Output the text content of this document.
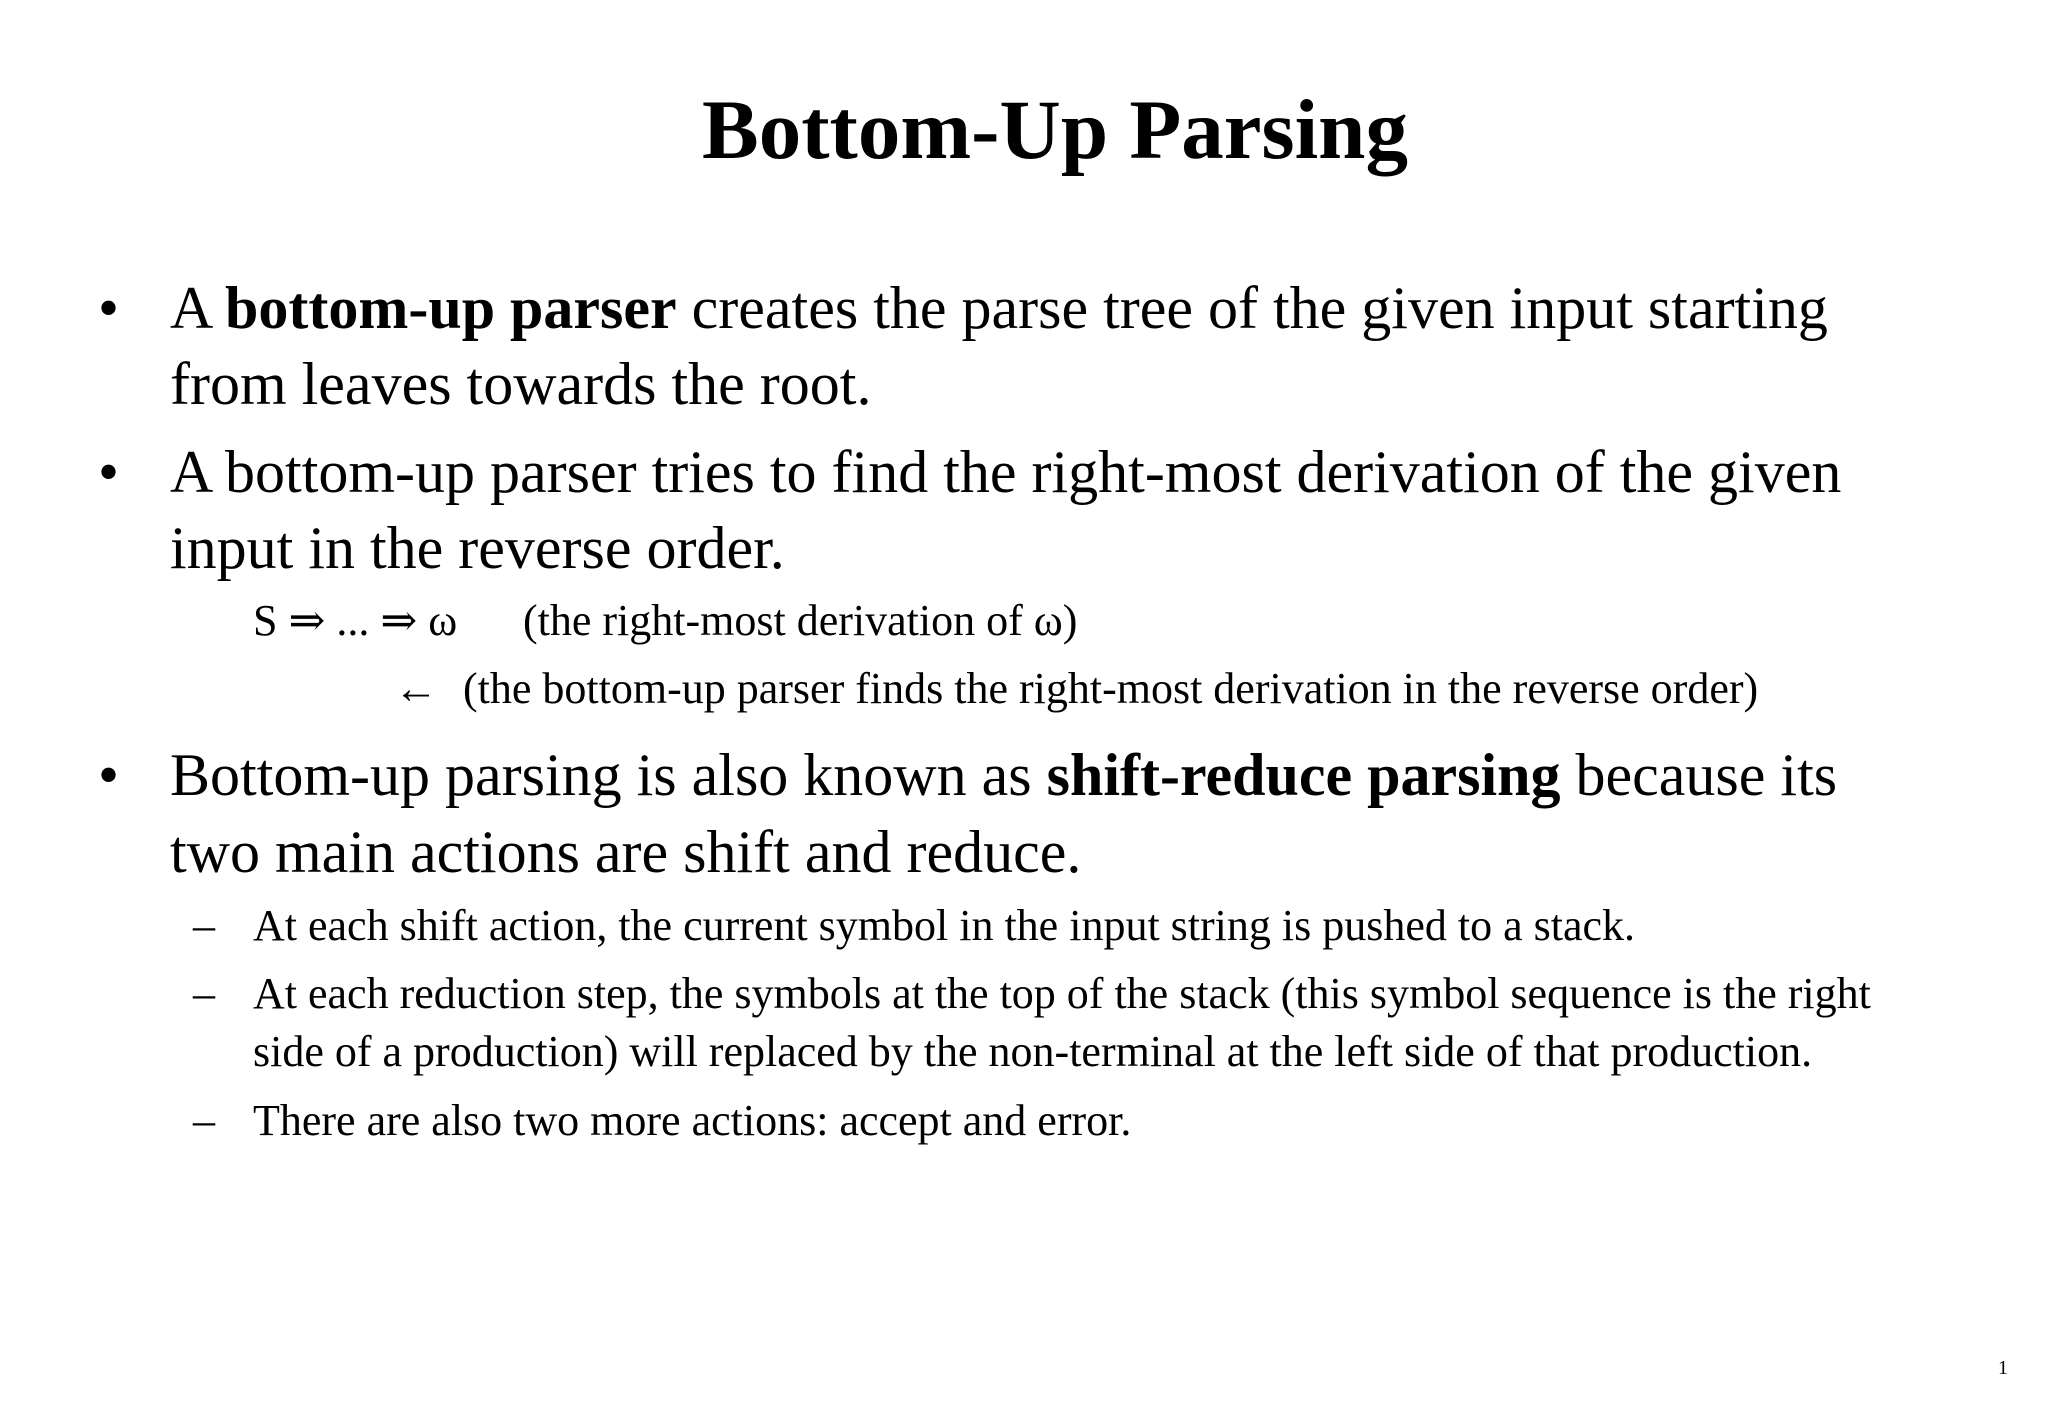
Bottom-Up Parsing
• A bottom-up parser creates the parse tree of the given input starting
from leaves towards the root.
• A bottom-up parser tries to find the right-most derivation of the given
input in the reverse order.
S ⇒ ... ⇒ ω (the right-most derivation of ω)
← (the bottom-up parser finds the right-most derivation in the reverse order)
• Bottom-up parsing is also known as shift-reduce parsing because its
two main actions are shift and reduce.
– At each shift action, the current symbol in the input string is pushed to a stack.
– At each reduction step, the symbols at the top of the stack (this symbol sequence is the right
side of a production) will replaced by the non-terminal at the left side of that production.
– There are also two more actions: accept and error.
1
